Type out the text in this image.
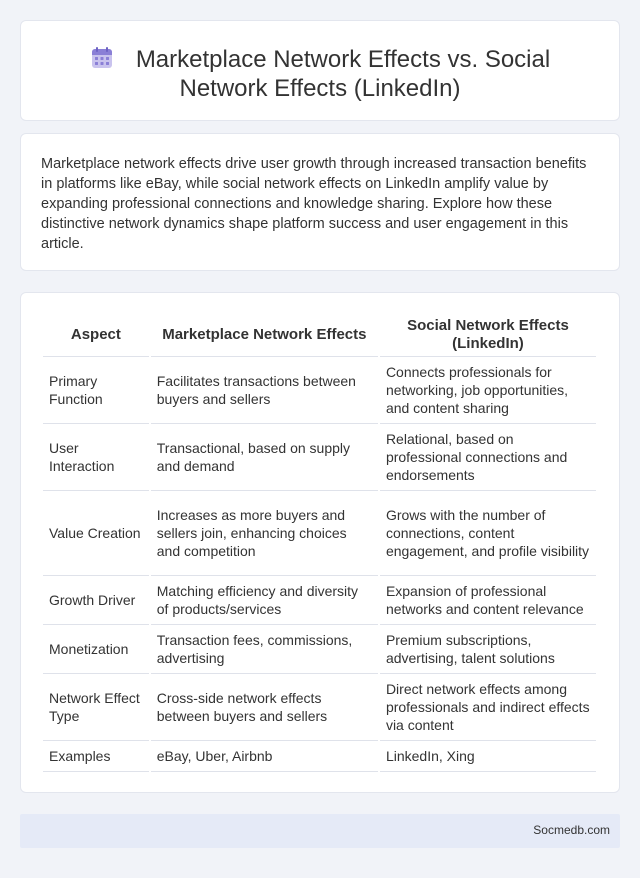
Marketplace Network Effects vs. Social
Network Effects (LinkedIn)

Marketplace network effects drive user growth through increased transaction benefits in platforms like eBay, while social network effects on LinkedIn amplify value by expanding professional connections and knowledge sharing. Explore how these distinctive network dynamics shape platform success and user engagement in this article.

Aspect	Marketplace Network Effects	Social Network Effects (LinkedIn)
Primary Function	Facilitates transactions between buyers and sellers	Connects professionals for networking, job opportunities, and content sharing
User Interaction	Transactional, based on supply and demand	Relational, based on professional connections and endorsements
Value Creation	Increases as more buyers and sellers join, enhancing choices and competition	Grows with the number of connections, content engagement, and profile visibility
Growth Driver	Matching efficiency and diversity of products/services	Expansion of professional networks and content relevance
Monetization	Transaction fees, commissions, advertising	Premium subscriptions, advertising, talent solutions
Network Effect Type	Cross-side network effects between buyers and sellers	Direct network effects among professionals and indirect effects via content
Examples	eBay, Uber, Airbnb	LinkedIn, Xing
Socmedb.com
